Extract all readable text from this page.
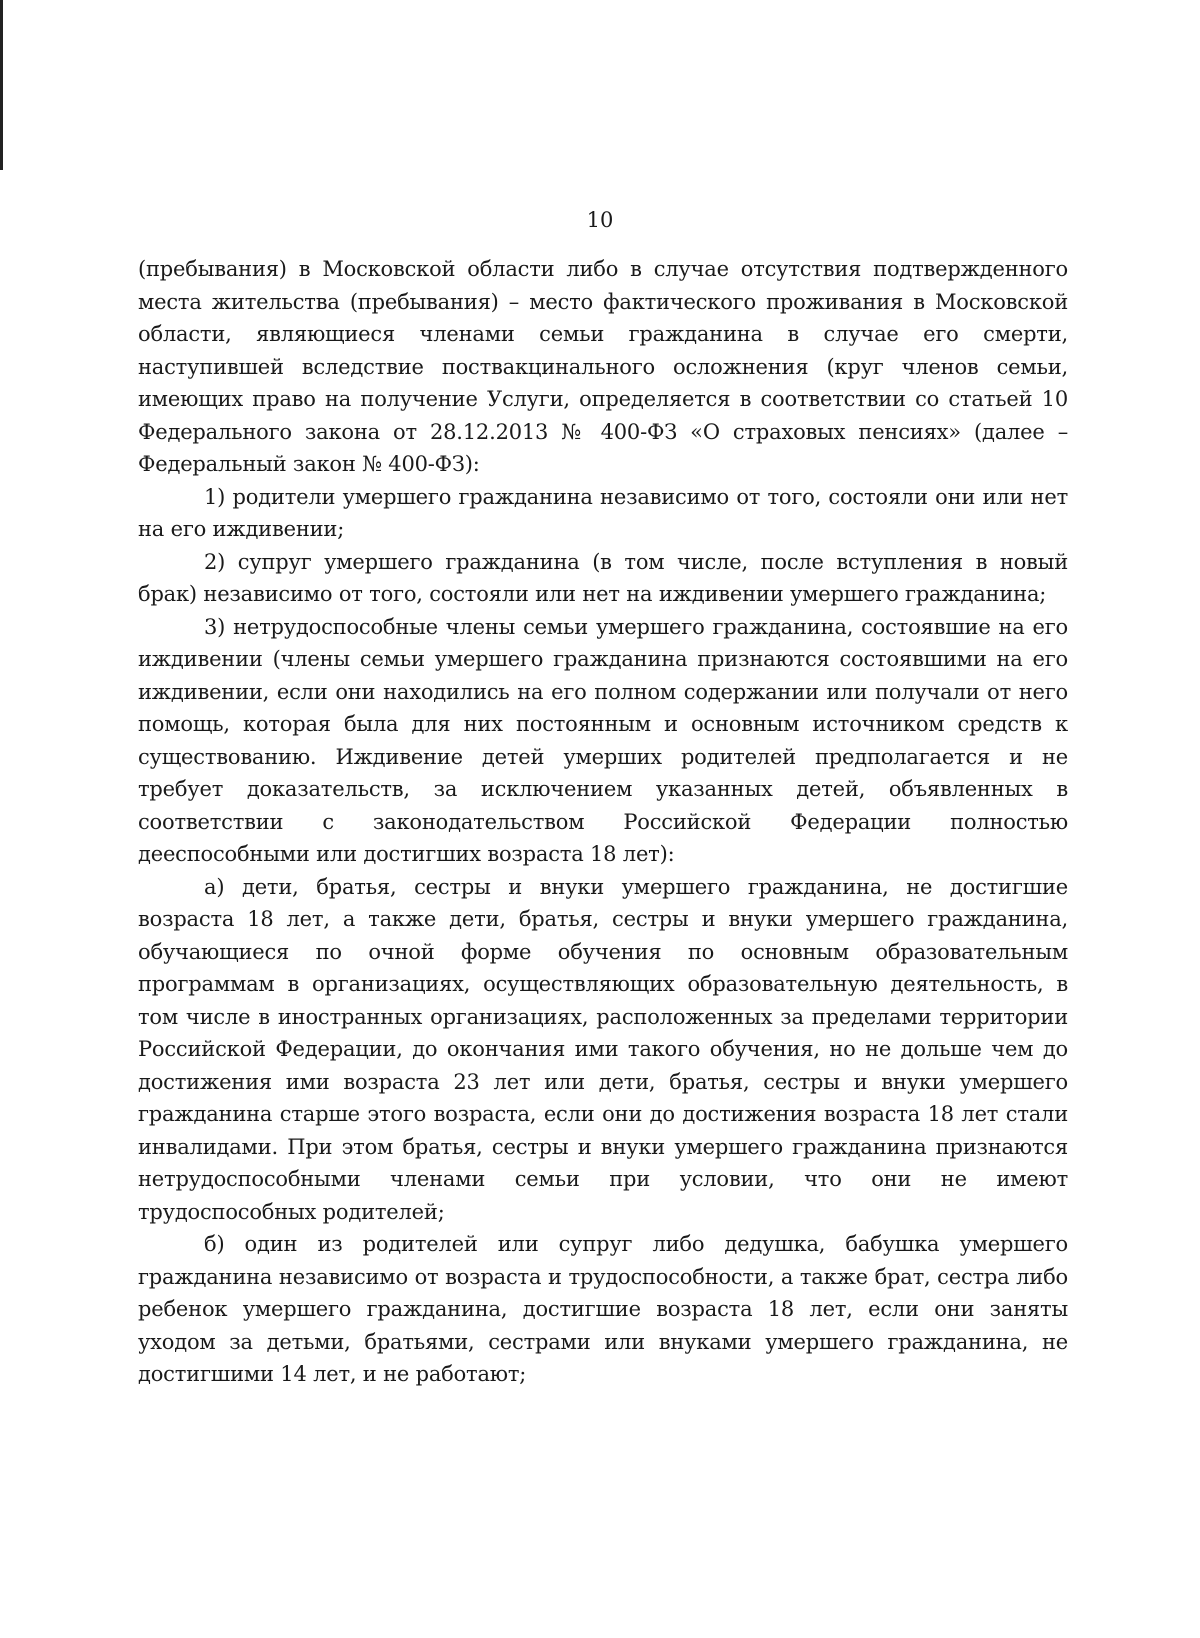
10

(пребывания) в Московской области либо в случае отсутствия подтвержденного места жительства (пребывания) – место фактического проживания в Московской области, являющиеся членами семьи гражданина в случае его смерти, наступившей вследствие поствакцинального осложнения (круг членов семьи, имеющих право на получение Услуги, определяется в соответствии со статьей 10 Федерального закона от 28.12.2013 № 400-ФЗ «О страховых пенсиях» (далее – Федеральный закон № 400-ФЗ):

1) родители умершего гражданина независимо от того, состояли они или нет на его иждивении;

2) супруг умершего гражданина (в том числе, после вступления в новый брак) независимо от того, состояли или нет на иждивении умершего гражданина;

3) нетрудоспособные члены семьи умершего гражданина, состоявшие на его иждивении (члены семьи умершего гражданина признаются состоявшими на его иждивении, если они находились на его полном содержании или получали от него помощь, которая была для них постоянным и основным источником средств к существованию. Иждивение детей умерших родителей предполагается и не требует доказательств, за исключением указанных детей, объявленных в соответствии с законодательством Российской Федерации полностью дееспособными или достигших возраста 18 лет):

а) дети, братья, сестры и внуки умершего гражданина, не достигшие возраста 18 лет, а также дети, братья, сестры и внуки умершего гражданина, обучающиеся по очной форме обучения по основным образовательным программам в организациях, осуществляющих образовательную деятельность, в том числе в иностранных организациях, расположенных за пределами территории Российской Федерации, до окончания ими такого обучения, но не дольше чем до достижения ими возраста 23 лет или дети, братья, сестры и внуки умершего гражданина старше этого возраста, если они до достижения возраста 18 лет стали инвалидами. При этом братья, сестры и внуки умершего гражданина признаются нетрудоспособными членами семьи при условии, что они не имеют трудоспособных родителей;

б) один из родителей или супруг либо дедушка, бабушка умершего гражданина независимо от возраста и трудоспособности, а также брат, сестра либо ребенок умершего гражданина, достигшие возраста 18 лет, если они заняты уходом за детьми, братьями, сестрами или внуками умершего гражданина, не достигшими 14 лет, и не работают;
